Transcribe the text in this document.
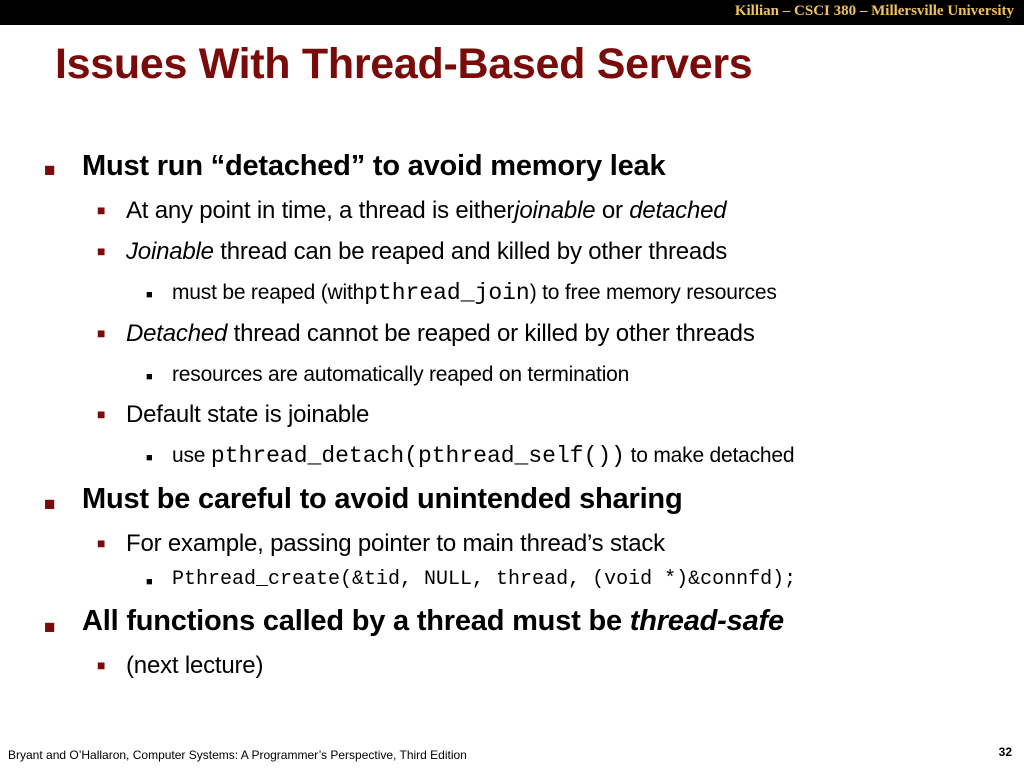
Killian – CSCI 380 – Millersville University
Issues With Thread-Based Servers
■ Must run “detached” to avoid memory leak
■ At any point in time, a thread is either joinable or detached
■ Joinable thread can be reaped and killed by other threads
■ must be reaped (with pthread_join ) to free memory resources
■ Detached thread cannot be reaped or killed by other threads
■ resources are automatically reaped on termination
■ Default state is joinable
■ use pthread_detach(pthread_self()) to make detached
■ Must be careful to avoid unintended sharing
■ For example, passing pointer to main thread’s stack
■ Pthread_create(&tid, NULL, thread, (void *)&connfd);
■ All functions called by a thread must be thread-safe
■ (next lecture)
Bryant and O’Hallaron, Computer Systems: A Programmer’s Perspective, Third Edition	32
